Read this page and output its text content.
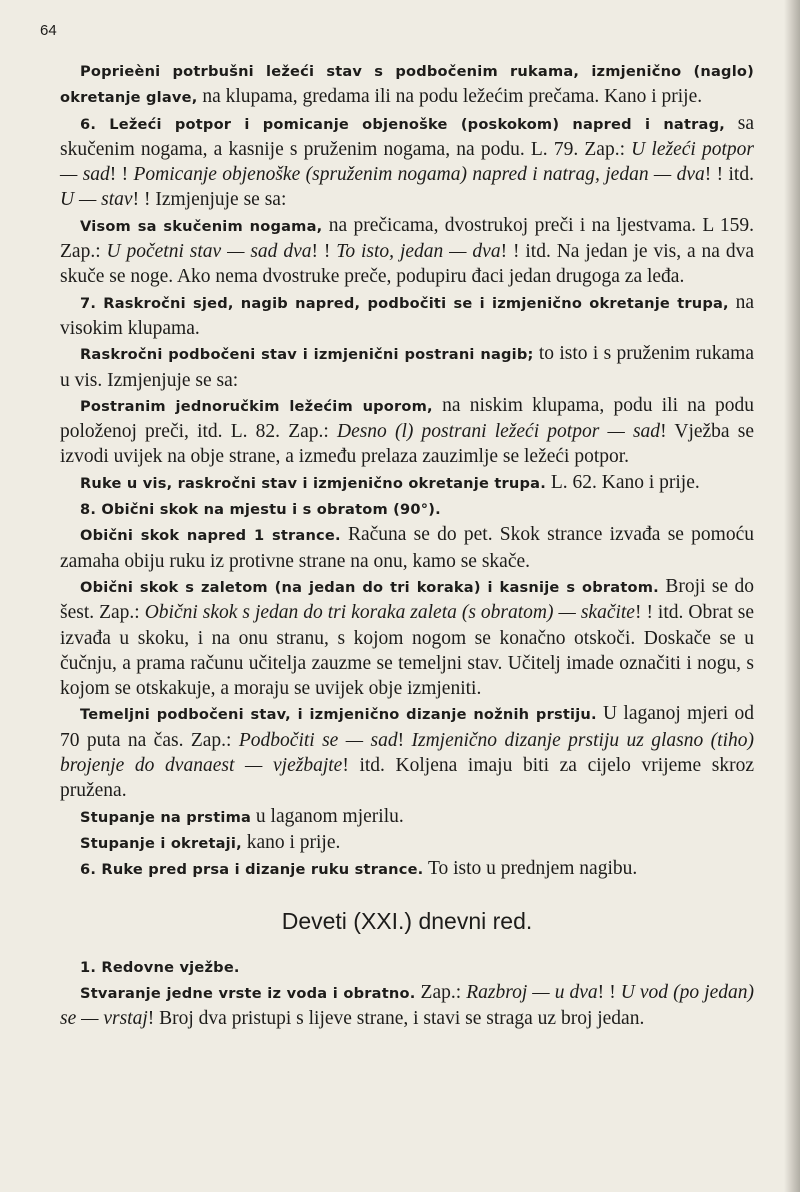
64

Poprieèni potrbušni ležeći stav s podbočenim rukama, izmjenično (naglo) okretanje glave, na klupama, gredama ili na podu ležećim prečama. Kano i prije.

6. Ležeći potpor i pomicanje objenoške (poskokom) napred i natrag, sa skučenim nogama, a kasnije s pruženim nogama, na podu. L. 79. Zap.: U ležeći potpor — sad! ! Pomicanje objenoške (spruženim nogama) napred i natrag, jedan — dva! ! itd. U — stav! ! Izmjenjuje se sa:

Visom sa skučenim nogama, na prečicama, dvostrukoj preči i na ljestvama. L 159. Zap.: U početni stav — sad dva! ! To isto, jedan — dva! ! itd. Na jedan je vis, a na dva skuče se noge. Ako nema dvostruke preče, podupiru đaci jedan drugoga za leđa.

7. Raskročni sjed, nagib napred, podbočiti se i izmjenično okretanje trupa, na visokim klupama.

Raskročni podbočeni stav i izmjenični postrani nagib; to isto i s pruženim rukama u vis. Izmjenjuje se sa:

Postranim jednoručkim ležećim uporom, na niskim klupama, podu ili na podu položenoj preči, itd. L. 82. Zap.: Desno (l) postrani ležeći potpor — sad! Vježba se izvodi uvijek na obje strane, a između prelaza zauzimlje se ležeći potpor.

Ruke u vis, raskročni stav i izmjenično okretanje trupa. L. 62. Kano i prije.

8. Obični skok na mjestu i s obratom (90°).

Obični skok napred 1 strance. Računa se do pet. Skok strance izvađa se pomoću zamaha obiju ruku iz protivne strane na onu, kamo se skače.

Obični skok s zaletom (na jedan do tri koraka) i kasnije s obratom. Broji se do šest. Zap.: Obični skok s jedan do tri koraka zaleta (s obratom) — skačite! ! itd. Obrat se izvađa u skoku, i na onu stranu, s kojom nogom se konačno otskoči. Doskače se u čučnju, a prama računu učitelja zauzme se temeljni stav. Učitelj imade označiti i nogu, s kojom se otskakuje, a moraju se uvijek obje izmjeniti.

Temeljni podbočeni stav, i izmjenično dizanje nožnih prstiju. U laganoj mjeri od 70 puta na čas. Zap.: Podbočiti se — sad! Izmjenično dizanje prstiju uz glasno (tiho) brojenje do dvanaest — vježbajte! itd. Koljena imaju biti za cijelo vrijeme skroz pružena.

Stupanje na prstima u laganom mjerilu.

Stupanje i okretaji, kano i prije.

6. Ruke pred prsa i dizanje ruku strance. To isto u prednjem nagibu.

Deveti (XXI.) dnevni red.

1. Redovne vježbe.

Stvaranje jedne vrste iz voda i obratno. Zap.: Razbroj — u dva! ! U vod (po jedan) se — vrstaj! Broj dva pristupi s lijeve strane, i stavi se straga uz broj jedan.
